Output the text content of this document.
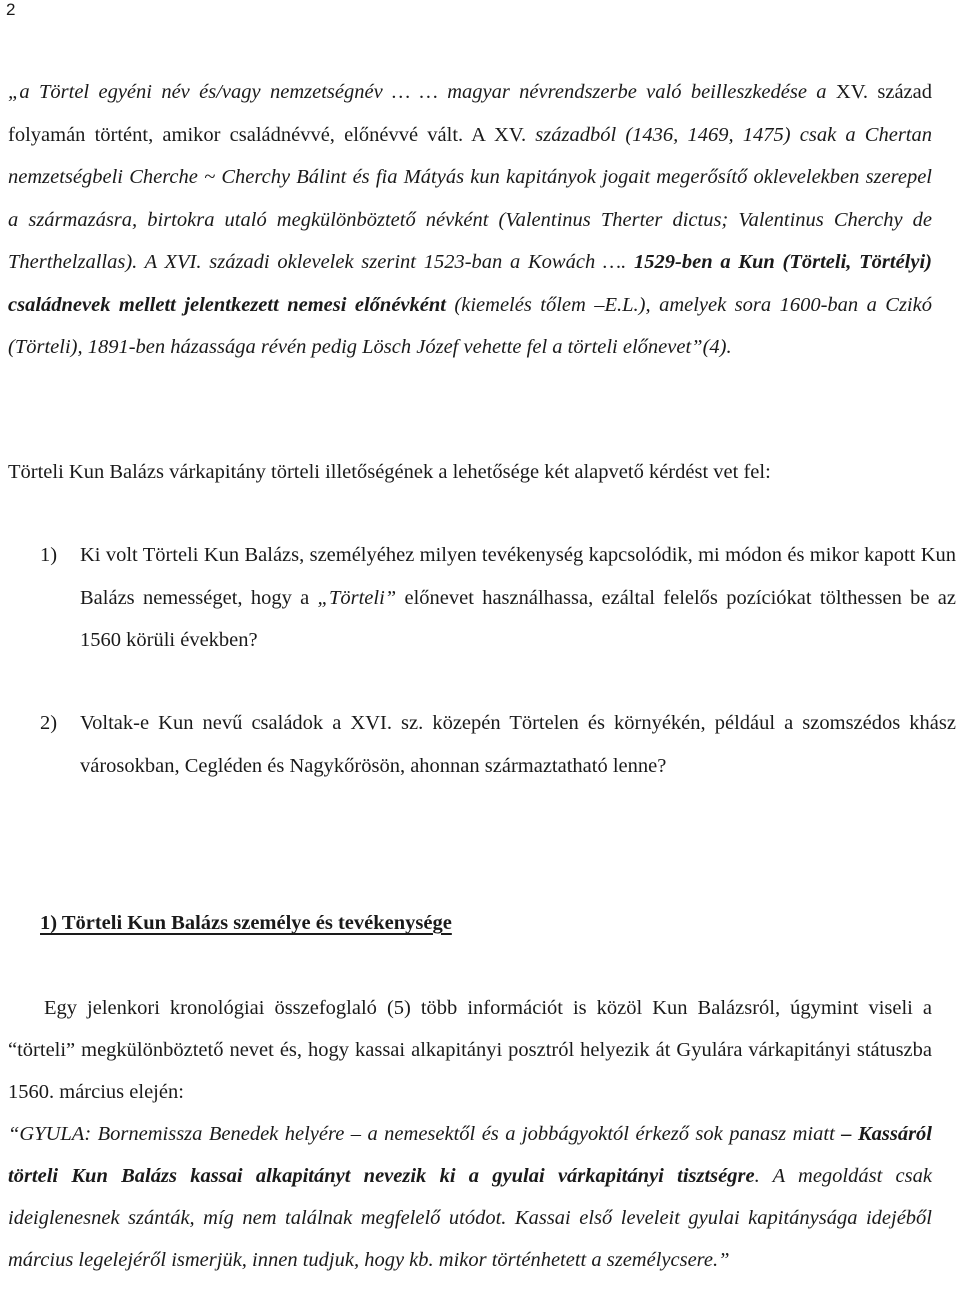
2
„a Törtel egyéni név és/vagy nemzetségnév … … magyar névrendszerbe való beilleszkedése a XV. század folyamán történt, amikor családnévvé, előnévvé vált. A XV. századból (1436, 1469, 1475) csak a Chertan nemzetségbeli Cherche ~ Cherchy Bálint és fia Mátyás kun kapitányok jogait megerősítő oklevelekben szerepel a származásra, birtokra utaló megkülönböztető névként (Valentinus Therter dictus; Valentinus Cherchy de Therthelzallas). A XVI. századi oklevelek szerint 1523-ban a Kowách …. 1529-ben a Kun (Törteli, Törtélyi) családnevek mellett jelentkezett nemesi előnévként (kiemelés tőlem –E.L.), amelyek sora 1600-ban a Czikó (Törteli), 1891-ben házassága révén pedig Lösch Józef vehette fel a törteli előnevet”(4).
Törteli Kun Balázs várkapitány törteli illetőségének a lehetősége két alapvető kérdést vet fel:
1) Ki volt Törteli Kun Balázs, személyéhez milyen tevékenység kapcsolódik, mi módon és mikor kapott Kun Balázs nemességet, hogy a „Törteli” előnevet használhassa, ezáltal felelős pozíciókat tölthessen be az 1560 körüli években?
2) Voltak-e Kun nevű családok a XVI. sz. közepén Törtelen és környékén, például a szomszédos khász városokban, Cegléden és Nagykőrösön, ahonnan származtatható lenne?
1) Törteli Kun Balázs személye és tevékenysége
Egy jelenkori kronológiai összefoglaló (5) több információt is közöl Kun Balázsról, úgymint viseli a “törteli” megkülönböztető nevet és, hogy kassai alkapitányi posztról helyezik át Gyulára várkapitányi státuszba 1560. március elején:
“GYULA: Bornemissza Benedek helyére – a nemesektől és a jobbágyoktól érkező sok panasz miatt – Kassáról törteli Kun Balázs kassai alkapitányt nevezik ki a gyulai várkapitányi tisztségre. A megoldást csak ideiglenesnek szánták, míg nem találnak megfelelő utódot. Kassai első leveleit gyulai kapitánysága idejéből március legelejéről ismerjük, innen tudjuk, hogy kb. mikor történhetett a személycsere.”
